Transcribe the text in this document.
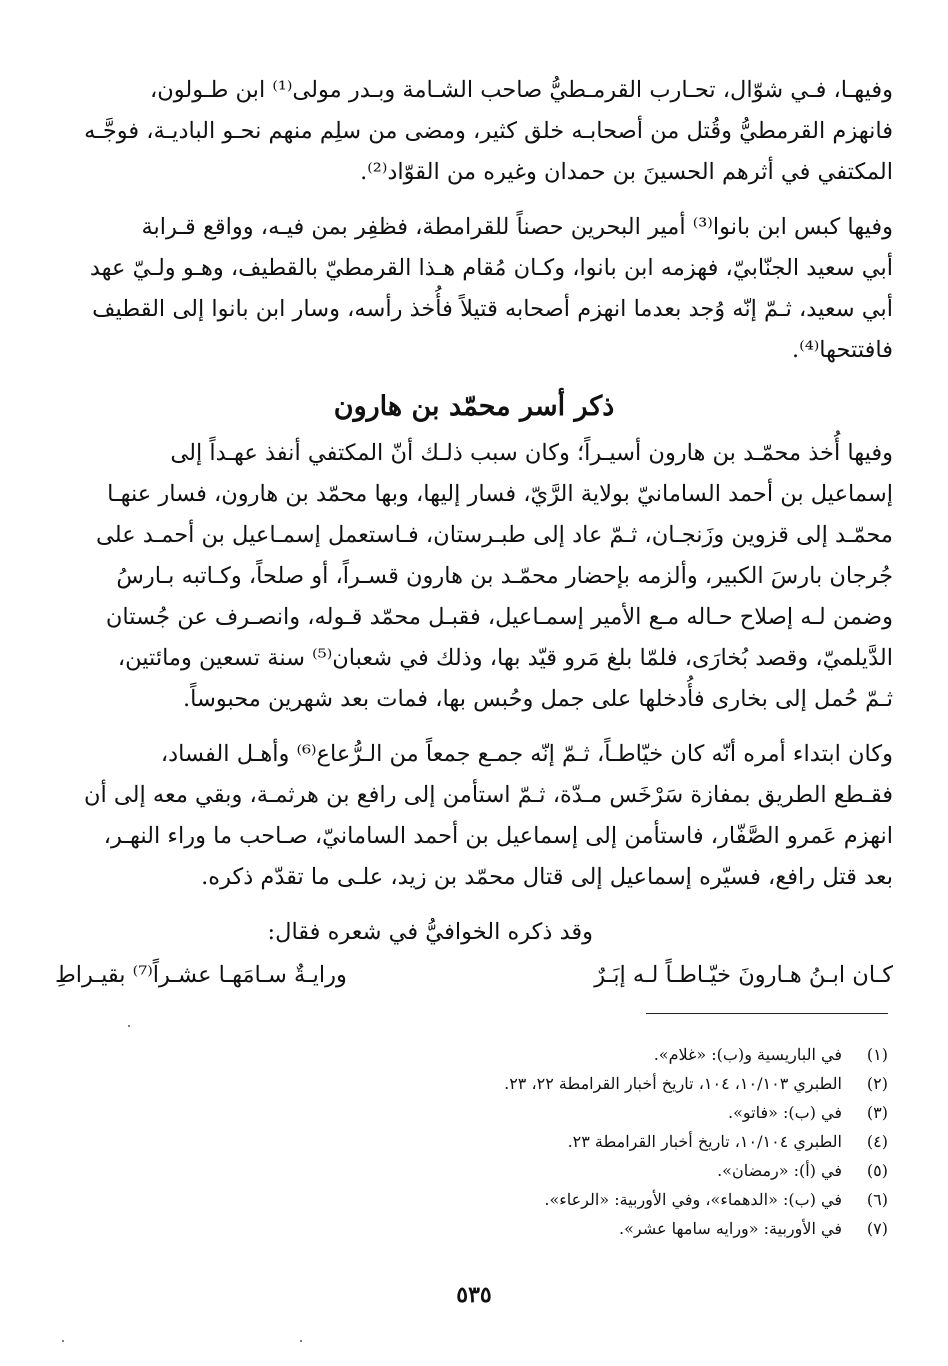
وفيهـا، فـي شوّال، تحـارب القرمـطيُّ صاحب الشـامة وبـدر مولى⁽¹⁾ ابن طـولون،
فانهزم القرمطيُّ وقُتل من أصحابـه خلق كثير، ومضى من سلِم منهم نحـو الباديـة، فوجَّـه
المكتفي في أثرهم الحسينَ بن حمدان وغيره من القوّاد⁽²⁾.

وفيها كبس ابن بانوا⁽³⁾ أمير البحرين حصناً للقرامطة، فظفِر بمن فيـه، وواقع قـرابة
أبي سعيد الجنّابيّ، فهزمه ابن بانوا، وكـان مُقام هـذا القرمطيّ بالقطيف، وهـو ولـيّ عهد
أبي سعيد، ثـمّ إنّه وُجد بعدما انهزم أصحابه قتيلاً فأُخذ رأسه، وسار ابن بانوا إلى القطيف
فافتتحها⁽⁴⁾.

ذكر أسر محمّد بن هارون

وفيها أُخذ محمّـد بن هارون أسيـراً؛ وكان سبب ذلـك أنّ المكتفي أنفذ عهـداً إلى
إسماعيل بن أحمد السامانيّ بولاية الرَّيّ، فسار إليها، وبها محمّد بن هارون، فسار عنهـا
محمّـد إلى قزوين وزَنجـان، ثـمّ عاد إلى طبـرستان، فـاستعمل إسمـاعيل بن أحمـد على
جُرجان بارسَ الكبير، وألزمه بإحضار محمّـد بن هارون قسـراً، أو صلحاً، وكـاتبه بـارسُ
وضمن لـه إصلاح حـاله مـع الأمير إسمـاعيل، فقبـل محمّد قـوله، وانصـرف عن جُستان
الدَّيلميّ، وقصد بُخارَى، فلمّا بلغ مَرو قيّد بها، وذلك في شعبان⁽⁵⁾ سنة تسعين ومائتين،
ثـمّ حُمل إلى بخارى فأُدخلها على جمل وحُبس بها، فمات بعد شهرين محبوساً.

وكان ابتداء أمره أنّه كان خيّاطـاً، ثـمّ إنّه جمـع جمعاً من الـرُّعاع⁽⁶⁾ وأهـل الفساد،
فقـطع الطريق بمفازة سَرْخَس مـدّة، ثـمّ استأمن إلى رافع بن هرثمـة، وبقي معه إلى أن
انهزم عَمرو الصَّفّار، فاستأمن إلى إسماعيل بن أحمد السامانيّ، صـاحب ما وراء النهـر،
بعد قتل رافع، فسيّره إسماعيل إلى قتال محمّد بن زيد، علـى ما تقدّم ذكره.

وقد ذكره الخوافيُّ في شعره فقال:

كـان ابـنُ هـارونَ خيّـاطـاً لـه إبَـرٌ
ورايـةٌ سـامَهـا عشـراً⁽⁷⁾ بقيـراطِ
(١)
في الباريسية و(ب): «غلام».
(٢)
الطبري ١٠/١٠٣، ١٠٤، تاريخ أخبار القرامطة ٢٢، ٢٣.
(٣)
في (ب): «فاتو».
(٤)
الطبري ١٠/١٠٤، تاريخ أخبار القرامطة ٢٣.
(٥)
في (أ): «رمضان».
(٦)
في (ب): «الدهماء»، وفي الأوربية: «الرعاء».
(٧)
في الأوربية: «ورايه سامها عشر».
٥٣٥
